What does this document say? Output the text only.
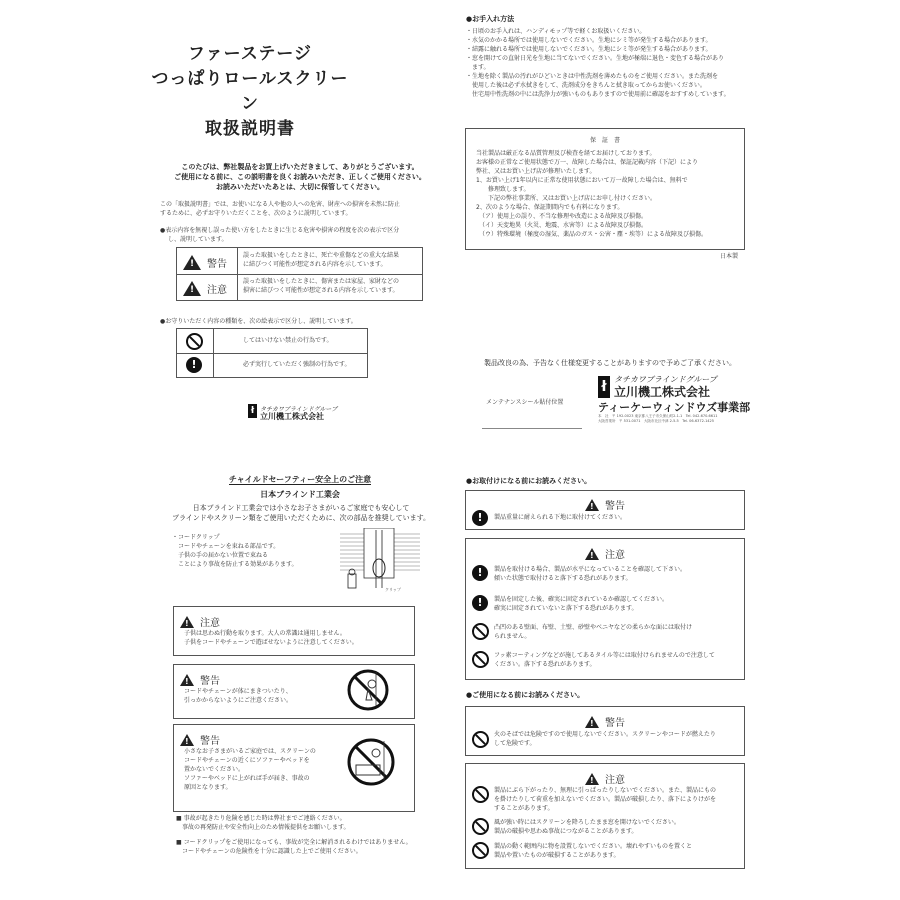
ファーステージ
つっぱりロールスクリーン
取扱説明書
このたびは、弊社製品をお買上げいただきまして、ありがとうございます。
ご使用になる前に、この説明書を良くお読みいただき、正しくご使用ください。
お読みいただいたあとは、大切に保管してください。
この「取扱説明書」では、お使いになる人や他の人への危害、財産への損害を未然に防止
するために、必ずお守りいただくことを、次のように説明しています。
●表示内容を無視し誤った使い方をしたときに生じる危害や損害の程度を次の表示で区分
し、説明しています。
!警告
誤った取扱いをしたときに、死亡や重傷などの重大な結果
に結びつく可能性が想定される内容を示しています。
!注意
誤った取扱いをしたときに、傷害または家屋、家財などの
損害に結びつく可能性が想定される内容を示しています。
●お守りいただく内容の種類を、次の絵表示で区分し、説明しています。
してはいけない禁止の行為です。
!	必ず実行していただく強制の行為です。
ł タチカワブラインドグループ
立川機工株式会社
●お手入れ方法
・日頃のお手入れは、ハンディモップ等で軽くお取扱いください。
・水気のかかる場所では使用しないでください。生地にシミ等が発生する場合があります。
・結露に触れる場所では使用しないでください。生地にシミ等が発生する場合があります。
・窓を開けての直射日光を生地に当てないでください。生地が極端に退色・変色する場合があり
　ます。
・生地を除く製品の汚れがひどいときは中性洗剤を薄めたものをご使用ください。また洗剤を
　使用した後は必ず水拭きをして、洗剤成分をきちんと拭き取ってからお使いください。
　住宅用中性洗剤の中には洗浄力が強いものもありますので使用前に確認をおすすめしています。
保　証　書
当社製品は厳正なる品質管理及び検査を経てお届けしております。
お客様の正常なご使用状態で万一、故障した場合は、保証記載内容（下記）により
弊社、又はお買い上げ店が修理いたします。
1、お買い上げ1年以内に正常な使用状態において万一故障した場合は、無料で
　　修理致します。
　　下記の弊社事業所、又はお買い上げ店にお申し付けください。
2、次のような場合、保証期間内でも有料になります。
　（ア）使用上の誤り、不当な修理や改造による故障及び損傷。
　（イ）天変地異（火災、地震、水害等）による故障及び損傷。
　（ウ）特殊環境（極度の湿気、薬品のガス・公害・塵・埃等）による故障及び損傷。
日本製
製品改良の為、予告なく仕様変更することがありますので予めご了承ください。
メンテナンスシール貼付位置
ł タチカワブラインドグループ
立川機工株式会社
ティーケーウィンドウズ事業部
本　社　〒 192-0023 東京都八王子市久保山町2-1-1　Tel. 042-670-6611
大阪営業所　〒 531-0071　大阪市北区中津 2-5-5　Tel. 06-6372-1425
チャイルドセーフティー安全上のご注意
日本ブラインド工業会
日本ブラインド工業会では小さなお子さまがいるご家庭でも安心して
ブラインドやスクリーン類をご使用いただくために、次の部品を推奨しています。
・コードクリップ
コードやチェーンを束ねる部品です。
子供の手の届かない位置で束ねる
ことにより事故を防止する効果があります。
クリップ
!注意
子供は思わぬ行動を取ります。大人の常識は通用しません。
子供をコードやチェーンで遊ばせないように注意してください。
!警告
コードやチェーンが体にまきついたり、
引っかからないようにご注意ください。
!警告
小さなお子さまがいるご家庭では、スクリーンの
コードやチェーンの近くにソファーやベッドを
置かないでください。
ソファーやベッドに上がれば手が届き、事故の
原因となります。
■ 事故が起きたり危険を感じた時は弊社までご連絡ください。
　事故の再発防止や安全性向上のため情報提供をお願いします。
■ コードクリップをご使用になっても、事故が完全に解消されるわけではありません。
　コードやチェーンの危険性を十分に認識した上でご使用ください。
●お取付けになる前にお読みください。
!警告
!	製品重量に耐えられる下地に取付けてください。
!注意
!	製品を取付ける場合、製品が水平になっていることを確認して下さい。
傾いた状態で取付けると落下する恐れがあります。
!	製品を固定した後、確実に固定されているか確認してください。
確実に固定されていないと落下する恐れがあります。
凸凹のある壁面、布壁、土壁、砂壁やベニヤなどの柔らかな面には取付け
られません。
フッ素コーティングなどが施してあるタイル等には取付けられませんので注意して
ください。落下する恐れがあります。
●ご使用になる前にお読みください。
!警告
火のそばでは危険ですので使用しないでください。スクリーンやコードが燃えたり
して危険です。
!注意
製品にぶら下がったり、無理に引っぱったりしないでください。また、製品にもの
を掛けたりして荷重を加えないでください。製品が破損したり、落下によりけがを
することがあります。
風が強い時にはスクリーンを降ろしたまま窓を開けないでください。
製品の破損や思わぬ事故につながることがあります。
製品の動く範囲内に物を設置しないでください。壊れやすいものを置くと
製品や置いたものが破損することがあります。
